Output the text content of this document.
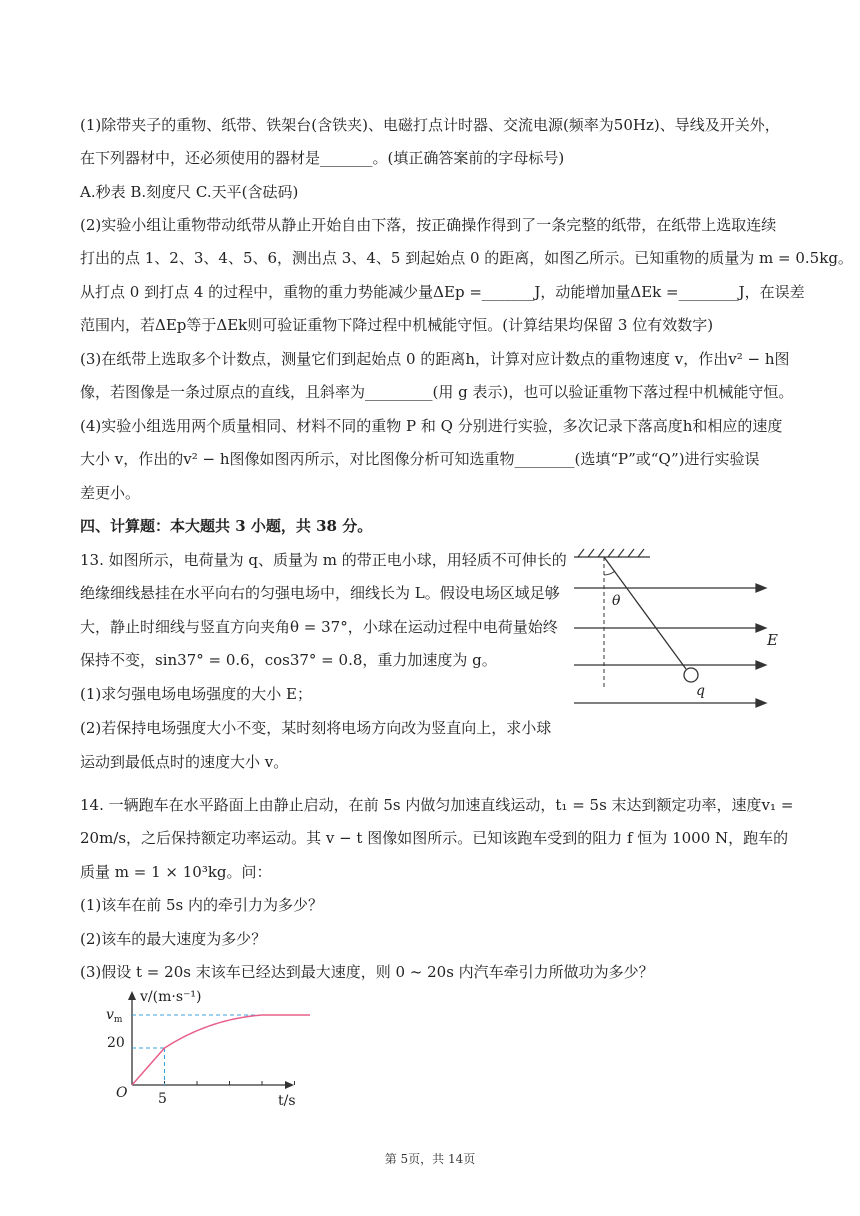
(1)除带夹子的重物、纸带、铁架台(含铁夹)、电磁打点计时器、交流电源(频率为50Hz)、导线及开关外，
在下列器材中，还必须使用的器材是_______。(填正确答案前的字母标号)
A.秒表 B.刻度尺 C.天平(含砝码)
(2)实验小组让重物带动纸带从静止开始自由下落，按正确操作得到了一条完整的纸带，在纸带上选取连续
打出的点 1、2、3、4、5、6，测出点 3、4、5 到起始点 0 的距离，如图乙所示。已知重物的质量为 m = 0.5kg。
从打点 0 到打点 4 的过程中，重物的重力势能减少量ΔEp =_______J，动能增加量ΔEk =________J，在误差
范围内，若ΔEp等于ΔEk则可验证重物下降过程中机械能守恒。(计算结果均保留 3 位有效数字)
(3)在纸带上选取多个计数点，测量它们到起始点 0 的距离h，计算对应计数点的重物速度 v，作出v² − h图
像，若图像是一条过原点的直线，且斜率为_________(用 g 表示)，也可以验证重物下落过程中机械能守恒。
(4)实验小组选用两个质量相同、材料不同的重物 P 和 Q 分别进行实验，多次记录下落高度h和相应的速度
大小 v，作出的v² − h图像如图丙所示，对比图像分析可知选重物________(选填“P”或“Q”)进行实验误
差更小。
四、计算题：本大题共 3 小题，共 38 分。
13. 如图所示，电荷量为 q、质量为 m 的带正电小球，用轻质不可伸长的
绝缘细线悬挂在水平向右的匀强电场中，细线长为 L。假设电场区域足够
大，静止时细线与竖直方向夹角θ = 37°，小球在运动过程中电荷量始终
保持不变，sin37° = 0.6，cos37° = 0.8，重力加速度为 g。
(1)求匀强电场电场强度的大小 E；
(2)若保持电场强度大小不变，某时刻将电场方向改为竖直向上，求小球
运动到最低点时的速度大小 v。
θ
E
q
14. 一辆跑车在水平路面上由静止启动，在前 5s 内做匀加速直线运动，t₁ = 5s 末达到额定功率，速度v₁ =
20m/s，之后保持额定功率运动。其 v − t 图像如图所示。已知该跑车受到的阻力 f 恒为 1000 N，跑车的
质量 m = 1 × 10³kg。问：
(1)该车在前 5s 内的牵引力为多少？
(2)该车的最大速度为多少？
(3)假设 t = 20s 末该车已经达到最大速度，则 0 ~ 20s 内汽车牵引力所做功为多少？
v/(m·s⁻¹)
$v_m$
20
O 5	t/s
第 5页，共 14页
